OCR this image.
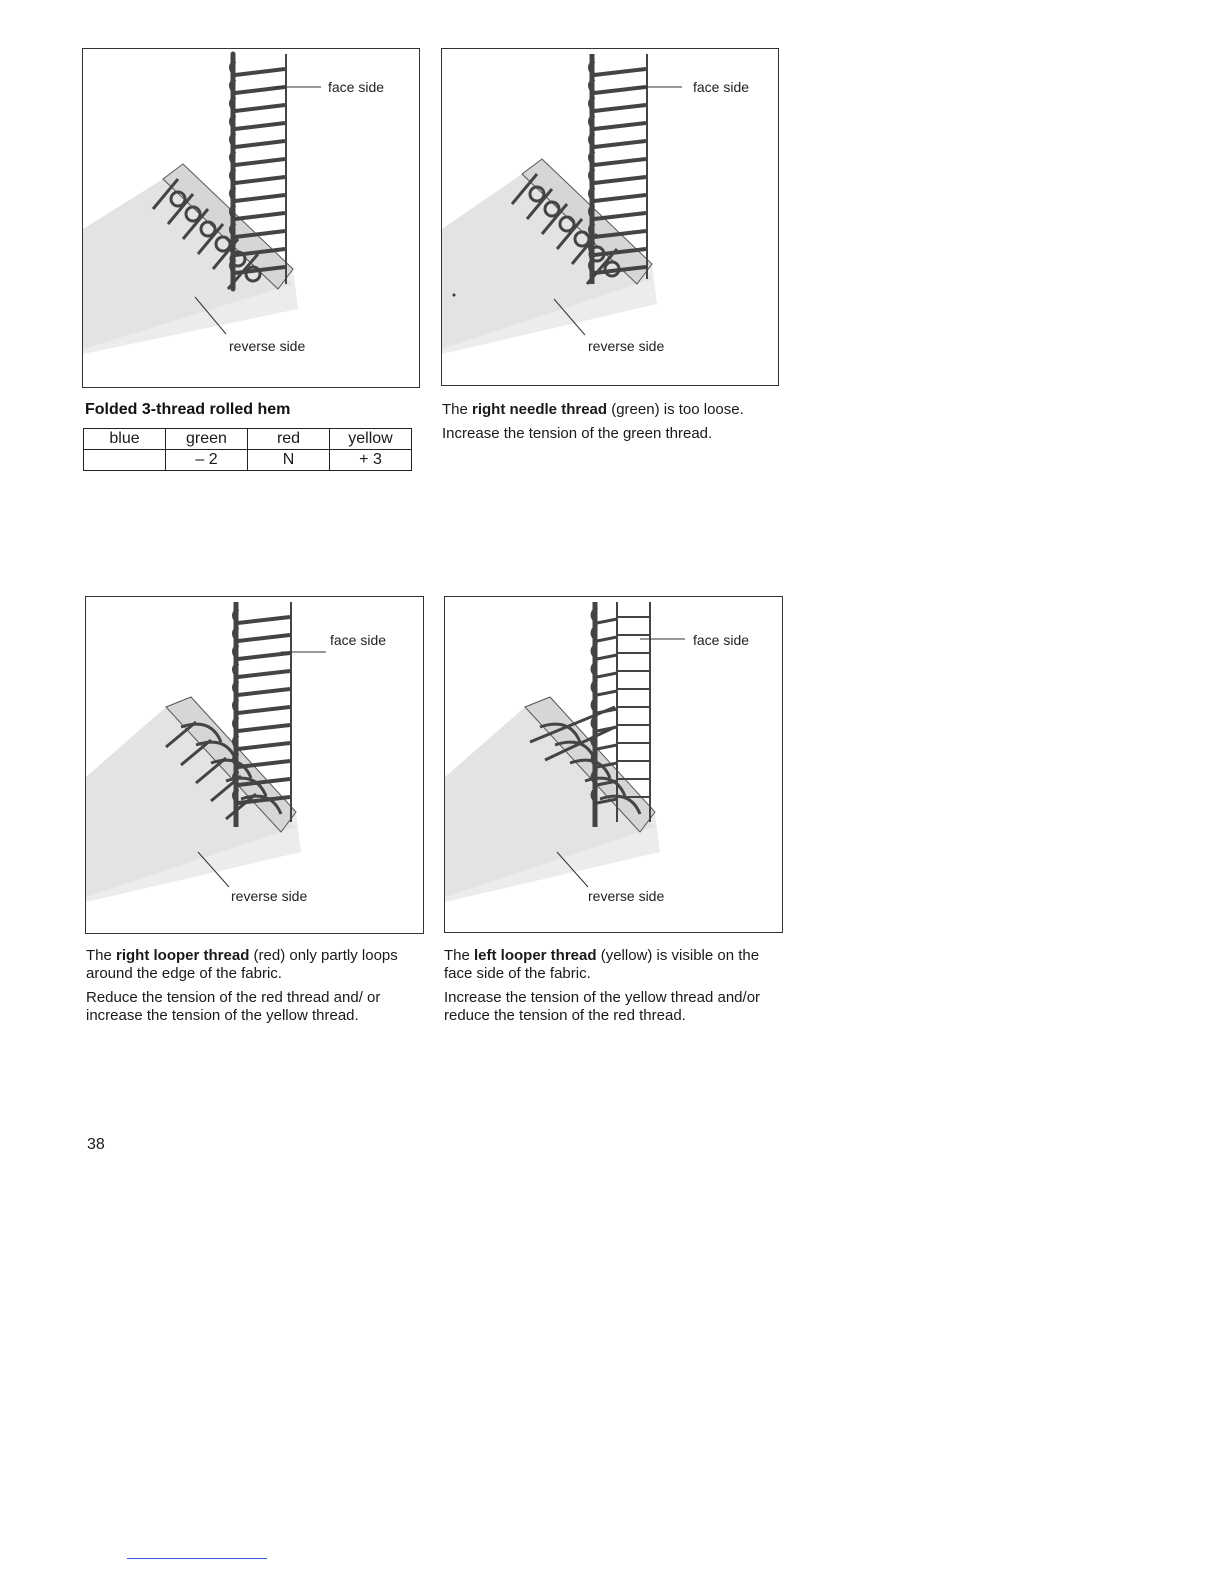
face side
reverse side
face side
reverse side
Folded 3-thread rolled hem
blue	green	red	yellow
	– 2	N	+ 3

The right needle thread (green) is too loose.

Increase the tension of the green thread.

face side
reverse side
face side
reverse side

The right looper thread (red) only partly loops around the edge of the fabric.

Reduce the tension of the red thread and/ or increase the tension of the yellow thread.

The left looper thread (yellow) is visible on the face side of the fabric.

Increase the tension of the yellow thread and/or reduce the tension of the red thread.

38
